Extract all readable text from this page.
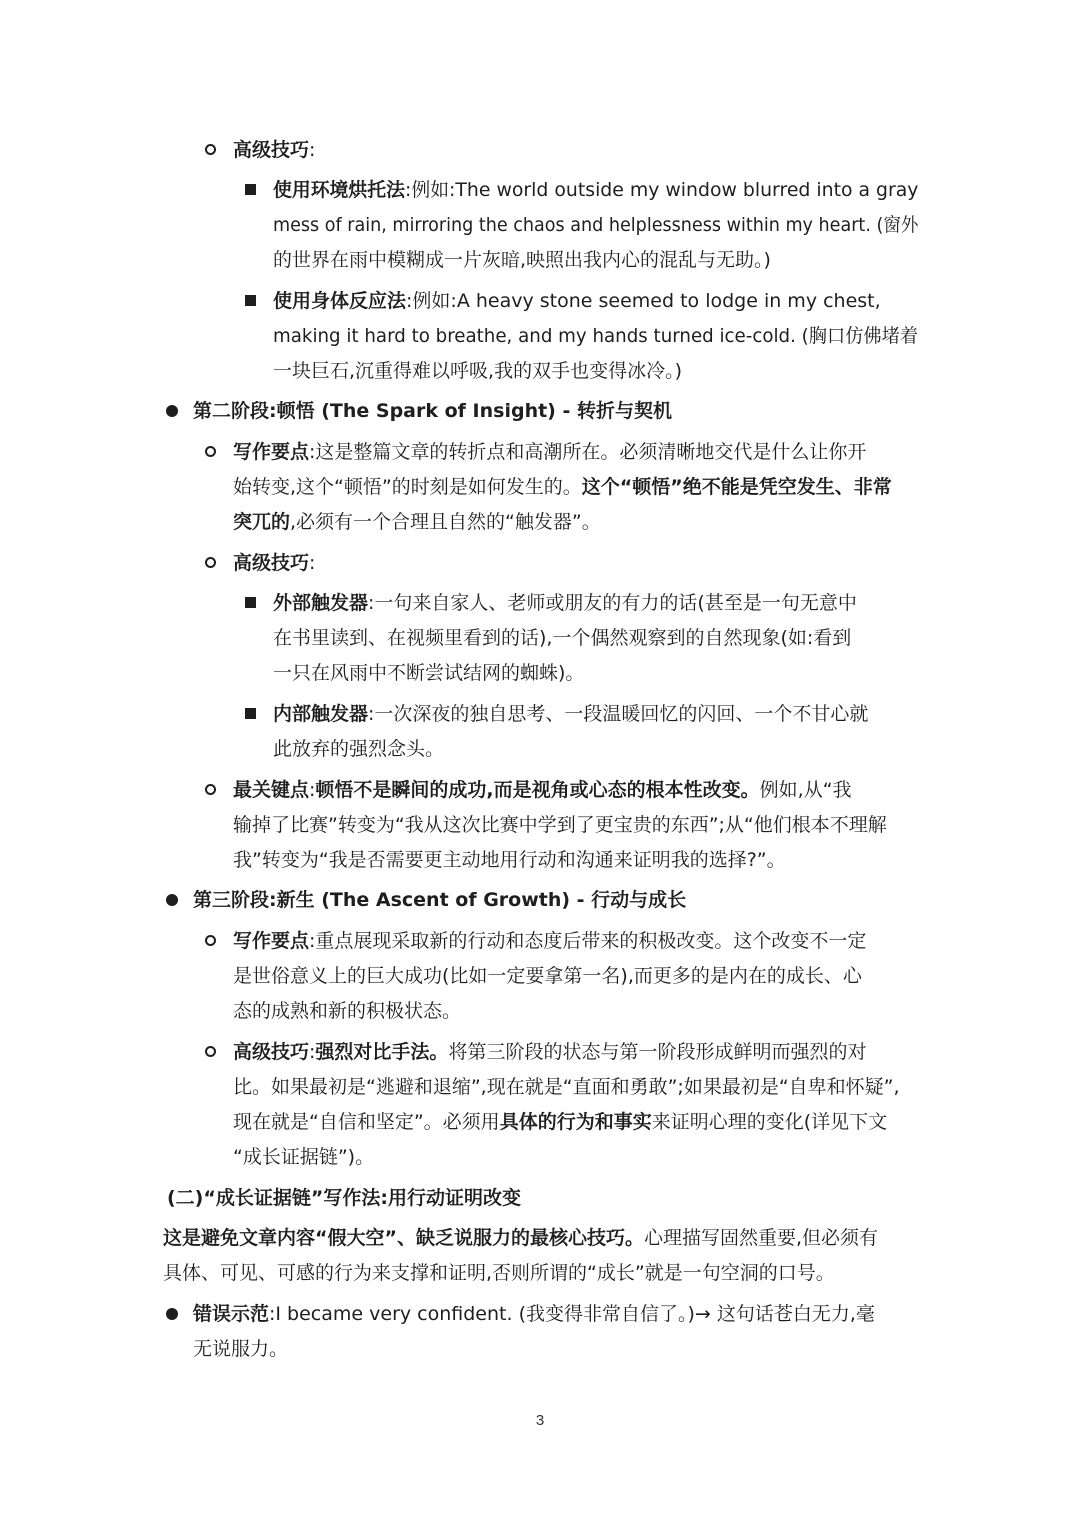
高级技巧:
使用环境烘托法:例如:The world outside my window blurred into a gray
mess of rain, mirroring the chaos and helplessness within my heart. (窗外
的世界在雨中模糊成一片灰暗,映照出我内心的混乱与无助。)
使用身体反应法:例如:A heavy stone seemed to lodge in my chest,
making it hard to breathe, and my hands turned ice-cold. (胸口仿佛堵着
一块巨石,沉重得难以呼吸,我的双手也变得冰冷。)
第二阶段:顿悟 (The Spark of Insight) - 转折与契机
写作要点:这是整篇文章的转折点和高潮所在。必须清晰地交代是什么让你开
始转变,这个“顿悟”的时刻是如何发生的。这个“顿悟”绝不能是凭空发生、非常
突兀的,必须有一个合理且自然的“触发器”。
高级技巧:
外部触发器:一句来自家人、老师或朋友的有力的话(甚至是一句无意中
在书里读到、在视频里看到的话),一个偶然观察到的自然现象(如:看到
一只在风雨中不断尝试结网的蜘蛛)。
内部触发器:一次深夜的独自思考、一段温暖回忆的闪回、一个不甘心就
此放弃的强烈念头。
最关键点:顿悟不是瞬间的成功,而是视角或心态的根本性改变。例如,从“我
输掉了比赛”转变为“我从这次比赛中学到了更宝贵的东西”;从“他们根本不理解
我”转变为“我是否需要更主动地用行动和沟通来证明我的选择?”。
第三阶段:新生 (The Ascent of Growth) - 行动与成长
写作要点:重点展现采取新的行动和态度后带来的积极改变。这个改变不一定
是世俗意义上的巨大成功(比如一定要拿第一名),而更多的是内在的成长、心
态的成熟和新的积极状态。
高级技巧:强烈对比手法。将第三阶段的状态与第一阶段形成鲜明而强烈的对
比。如果最初是“逃避和退缩”,现在就是“直面和勇敢”;如果最初是“自卑和怀疑”,
现在就是“自信和坚定”。必须用具体的行为和事实来证明心理的变化(详见下文
“成长证据链”)。
(二)“成长证据链”写作法:用行动证明改变
这是避免文章内容“假大空”、缺乏说服力的最核心技巧。心理描写固然重要,但必须有
具体、可见、可感的行为来支撑和证明,否则所谓的“成长”就是一句空洞的口号。
错误示范:I became very confident. (我变得非常自信了。)→ 这句话苍白无力,毫
无说服力。
3
